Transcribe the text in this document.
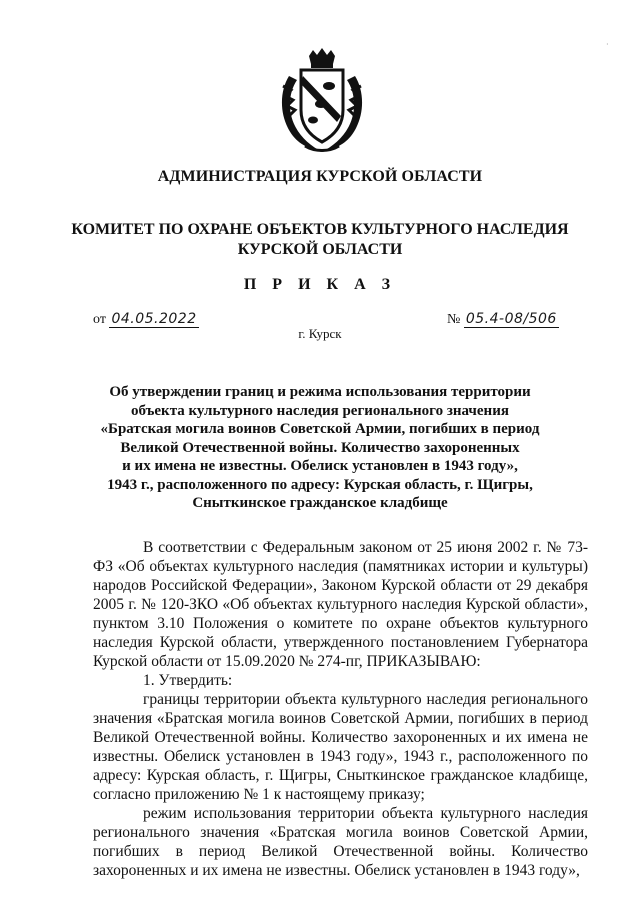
·
АДМИНИСТРАЦИЯ КУРСКОЙ ОБЛАСТИ
КОМИТЕТ ПО ОХРАНЕ ОБЪЕКТОВ КУЛЬТУРНОГО НАСЛЕДИЯ
КУРСКОЙ ОБЛАСТИ
П Р И К А З
от 04.05.2022	№ 05.4-08/506
г. Курск
Об утверждении границ и режима использования территории
объекта культурного наследия регионального значения
«Братская могила воинов Советской Армии, погибших в период
Великой Отечественной войны. Количество захороненных
и их имена не известны. Обелиск установлен в 1943 году»,
1943 г., расположенного по адресу: Курская область, г. Щигры,
Сныткинское гражданское кладбище

В соответствии с Федеральным законом от 25 июня 2002 г. № 73-ФЗ «Об объектах культурного наследия (памятниках истории и культуры) народов Российской Федерации», Законом Курской области от 29 декабря 2005 г. № 120-ЗКО «Об объектах культурного наследия Курской области», пунктом 3.10 Положения о комитете по охране объектов культурного наследия Курской области, утвержденного постановлением Губернатора Курской области от 15.09.2020 № 274-пг, ПРИКАЗЫВАЮ:

1. Утвердить:

границы территории объекта культурного наследия регионального значения «Братская могила воинов Советской Армии, погибших в период Великой Отечественной войны. Количество захороненных и их имена не известны. Обелиск установлен в 1943 году», 1943 г., расположенного по адресу: Курская область, г. Щигры, Сныткинское гражданское кладбище, согласно приложению № 1 к настоящему приказу;

режим использования территории объекта культурного наследия регионального значения «Братская могила воинов Советской Армии, погибших в период Великой Отечественной войны. Количество захороненных и их имена не известны. Обелиск установлен в 1943 году»,
